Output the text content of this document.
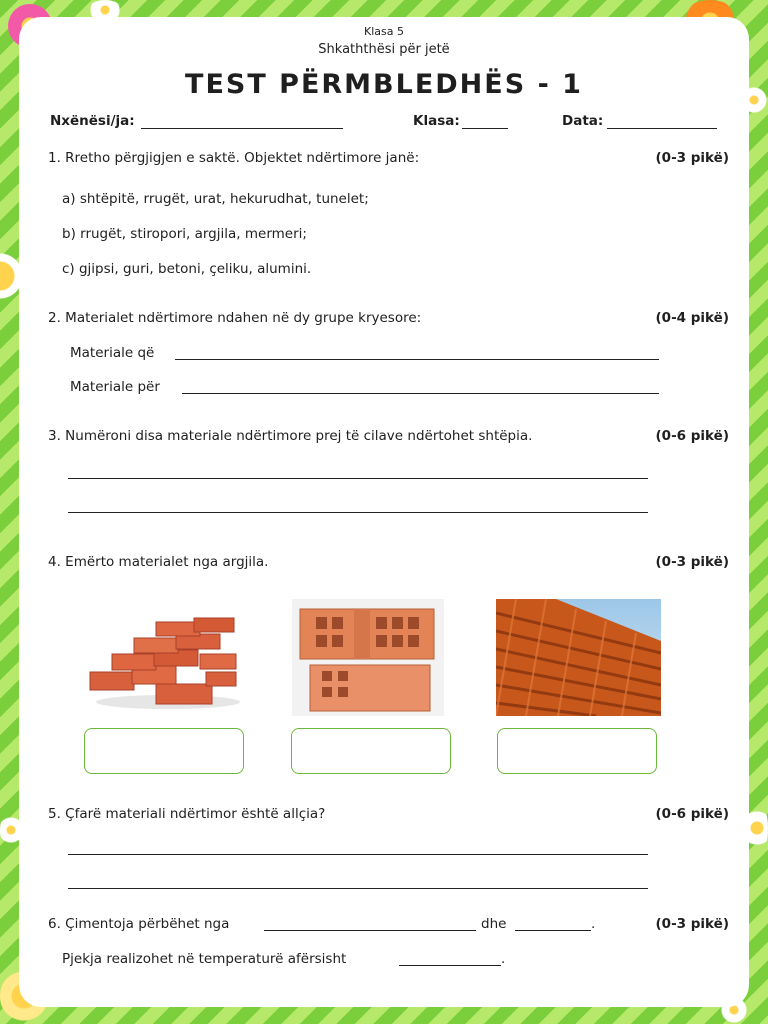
Klasa 5
Shkaththësi për jetë
TEST PËRMBLEDHËS - 1
Nxënësi/ja:	Klasa:	Data:
1. Rretho përgjigjen e saktë. Objektet ndërtimore janë:	(0-3 pikë)
a) shtëpitë, rrugët, urat, hekurudhat, tunelet;
b) rrugët, stiropori, argjila, mermeri;
c) gjipsi, guri, betoni, çeliku, alumini.
2. Materialet ndërtimore ndahen në dy grupe kryesore:	(0-4 pikë)
Materiale që
Materiale për
3. Numëroni disa materiale ndërtimore prej të cilave ndërtohet shtëpia.	(0-6 pikë)
4. Emërto materialet nga argjila.	(0-3 pikë)
5. Çfarë materiali ndërtimor është allçia?	(0-6 pikë)
6. Çimentoja përbëhet nga	dhe	.	(0-3 pikë)
Pjekja realizohet në temperaturë afërsisht	.
